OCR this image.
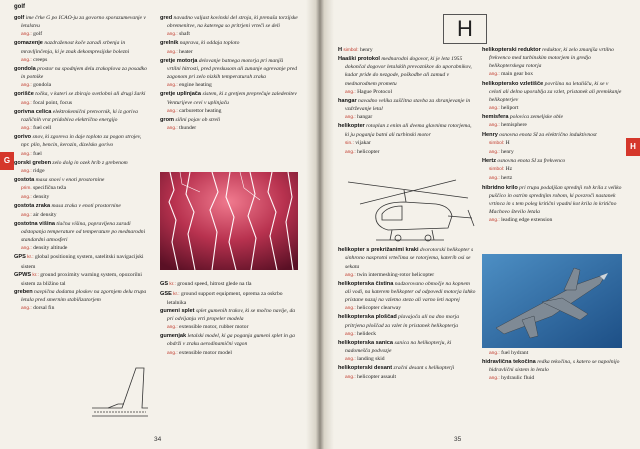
golf

golf ime črke G po ICAO-ju za govorno sporazumevanje v letalstvu

ang.: golf

gomazenje nazdraženost koče zaradi srbenja in mravljinčenja, ki je znak dekompresijske bolezni

ang.: creeps

gondola prostor na spodnjem delu zrakoplova za posadko in potnike

ang.: gondola

gorišče točka, v kateri se zbirajo svetlobni ali drugi žarki

ang.: focal point, focus

gorivna celica elektrokemični pretvornik, ki iz goriva različnih vrst pridobiva električno energijo

ang.: fuel cell

gorivo snov, ki zgoreva in daje toploto za pogon strojev, npr. plin, bencin, kerozin, dizelsko gorivo

ang.: fuel

gorski greben zelo dolg in ozek hrib z grebenom

ang.: ridge

gostota masa snovi v enoti prostornine

prim. specifična teža

ang.: density

gostota zraka masa zraka v enoti prostornine

ang.: air density

gostotna višina tlačna višina, popravljena zaradi odstopanja temperature od temperature po mednarodni standardni atmosferi

ang.: density altitude

GPS kr.: global positioning system, satelitski navigacijski sistem

GPWS kr.: ground proximity warning system, opozorilni sistem za bližino tal

greben navpična dodatna ploskev na zgornjem delu trupa letala pred smernim stabilizatorjem

ang.: dorsal fin

gred navadno valjast kovinski del stroja, ki prenaša torzijske obremenitve, na katerega so pritrjeni vrteči se deli

ang.: shaft

grelnik naprava, ki oddaja toploto

ang.: heater

gretje motorja delovanje batnega motorja pri manjši vrtilni hitrosti, pred preskusom ali zunanje ogrevanje pred zagonom pri zelo nizkih temperaturah zraka

ang.: engine heating

gretje uplinjača sistem, ki z gretjem preprečuje zaledenitev Venturijeve cevi v uplinjaču

ang.: carburettor heating

grom silini pojav ob streli

ang.: thunder

GS kr.: ground speed, hitrost glede na tla

GSE kr.: ground support equipment, oprema za oskrbo letalnika

gumeni splet splet gumenih trakov, ki se močno navije, da pri odvijanju vrti propeler modela

ang.: extensible motor, rubber motor

gumenjak letalski model, ki ga poganja gumeni splet in ga obdrži v zraku aerodinamični vzgon

ang.: extensible motor model

G
34
H

H simbol: henry

Haaški protokol mednarodni dogovor, ki je leta 1955 dokončal dogovor letalskih prevoznikov do uporabnikov, kadar pride do nezgode, poškodbe ali zamud v mednarodnem prometu

ang.: Hague Protocol

hangar navadno velika zaščitna stavba za shranjevanje in vzdrževanje letal

ang.: hangar

helikopter rotoplan z enim ali dvema glavnima rotorjema, ki ju poganja batni ali turbinski motor

sin.: vijakar

ang.: helicopter

helikopter s prekrižanimi kraki dvorotorski helikopter s sinhrono nasprotni vrtečima se rotorjema, katerih osi se sekata

ang.: twin intermeshing-rotor helicopter

helikopterska čistina nadzorovano območje na kopnem ali vodi, na katerem helikopter od odpovedi motorja lahko pristane nazaj na vzletno stezo ali varno leti naprej

ang.: helicopter clearway

helikopterska ploščad plavajoča ali na dno morja pritrjena ploščad za vzlet in pristanek helikopterja

ang.: helideck

helikopterska sanica sanica na helikopterju, ki nadomešča podvozje

ang.: landing skid

helikopterski desant zračni desant s helikopterji

ang.: helicopter assault

helikopterski reduktor reduktor, ki zelo zmanjša vrtilno frekvenco med turbinskim motorjem in gredjo helikopterskega rotorja

ang.: main gear box

helikoptersko vzletišče površina na letališču, ki se v celoti ali delno uporablja za vzlet, pristanek ali premikanje helikopterjev

ang.: heliport

hemisfera polovica zemeljske oble

ang.: hemisphere

Henry osnovna enota SI za električno induktivnost

simbol: H

ang.: henry

Hertz osnovna enota SI za frekvenco

simbol: Hz

ang.: hertz

hibridno krilo pri trupu podaljšan sprednji rob krila z veliko puščico in ostrim sprednjim robom, ki povzroči nastanek vrtinca in s tem poleg kritični vpadni kot krila in kritično Machovo število letala

ang.: leading edge extension

ang.: fuel hydrant

hidravlična tekočina redka tekočina, s katero se napolnijo hidravlični sistem in letalo

ang.: hydraulic fluid

H
35
